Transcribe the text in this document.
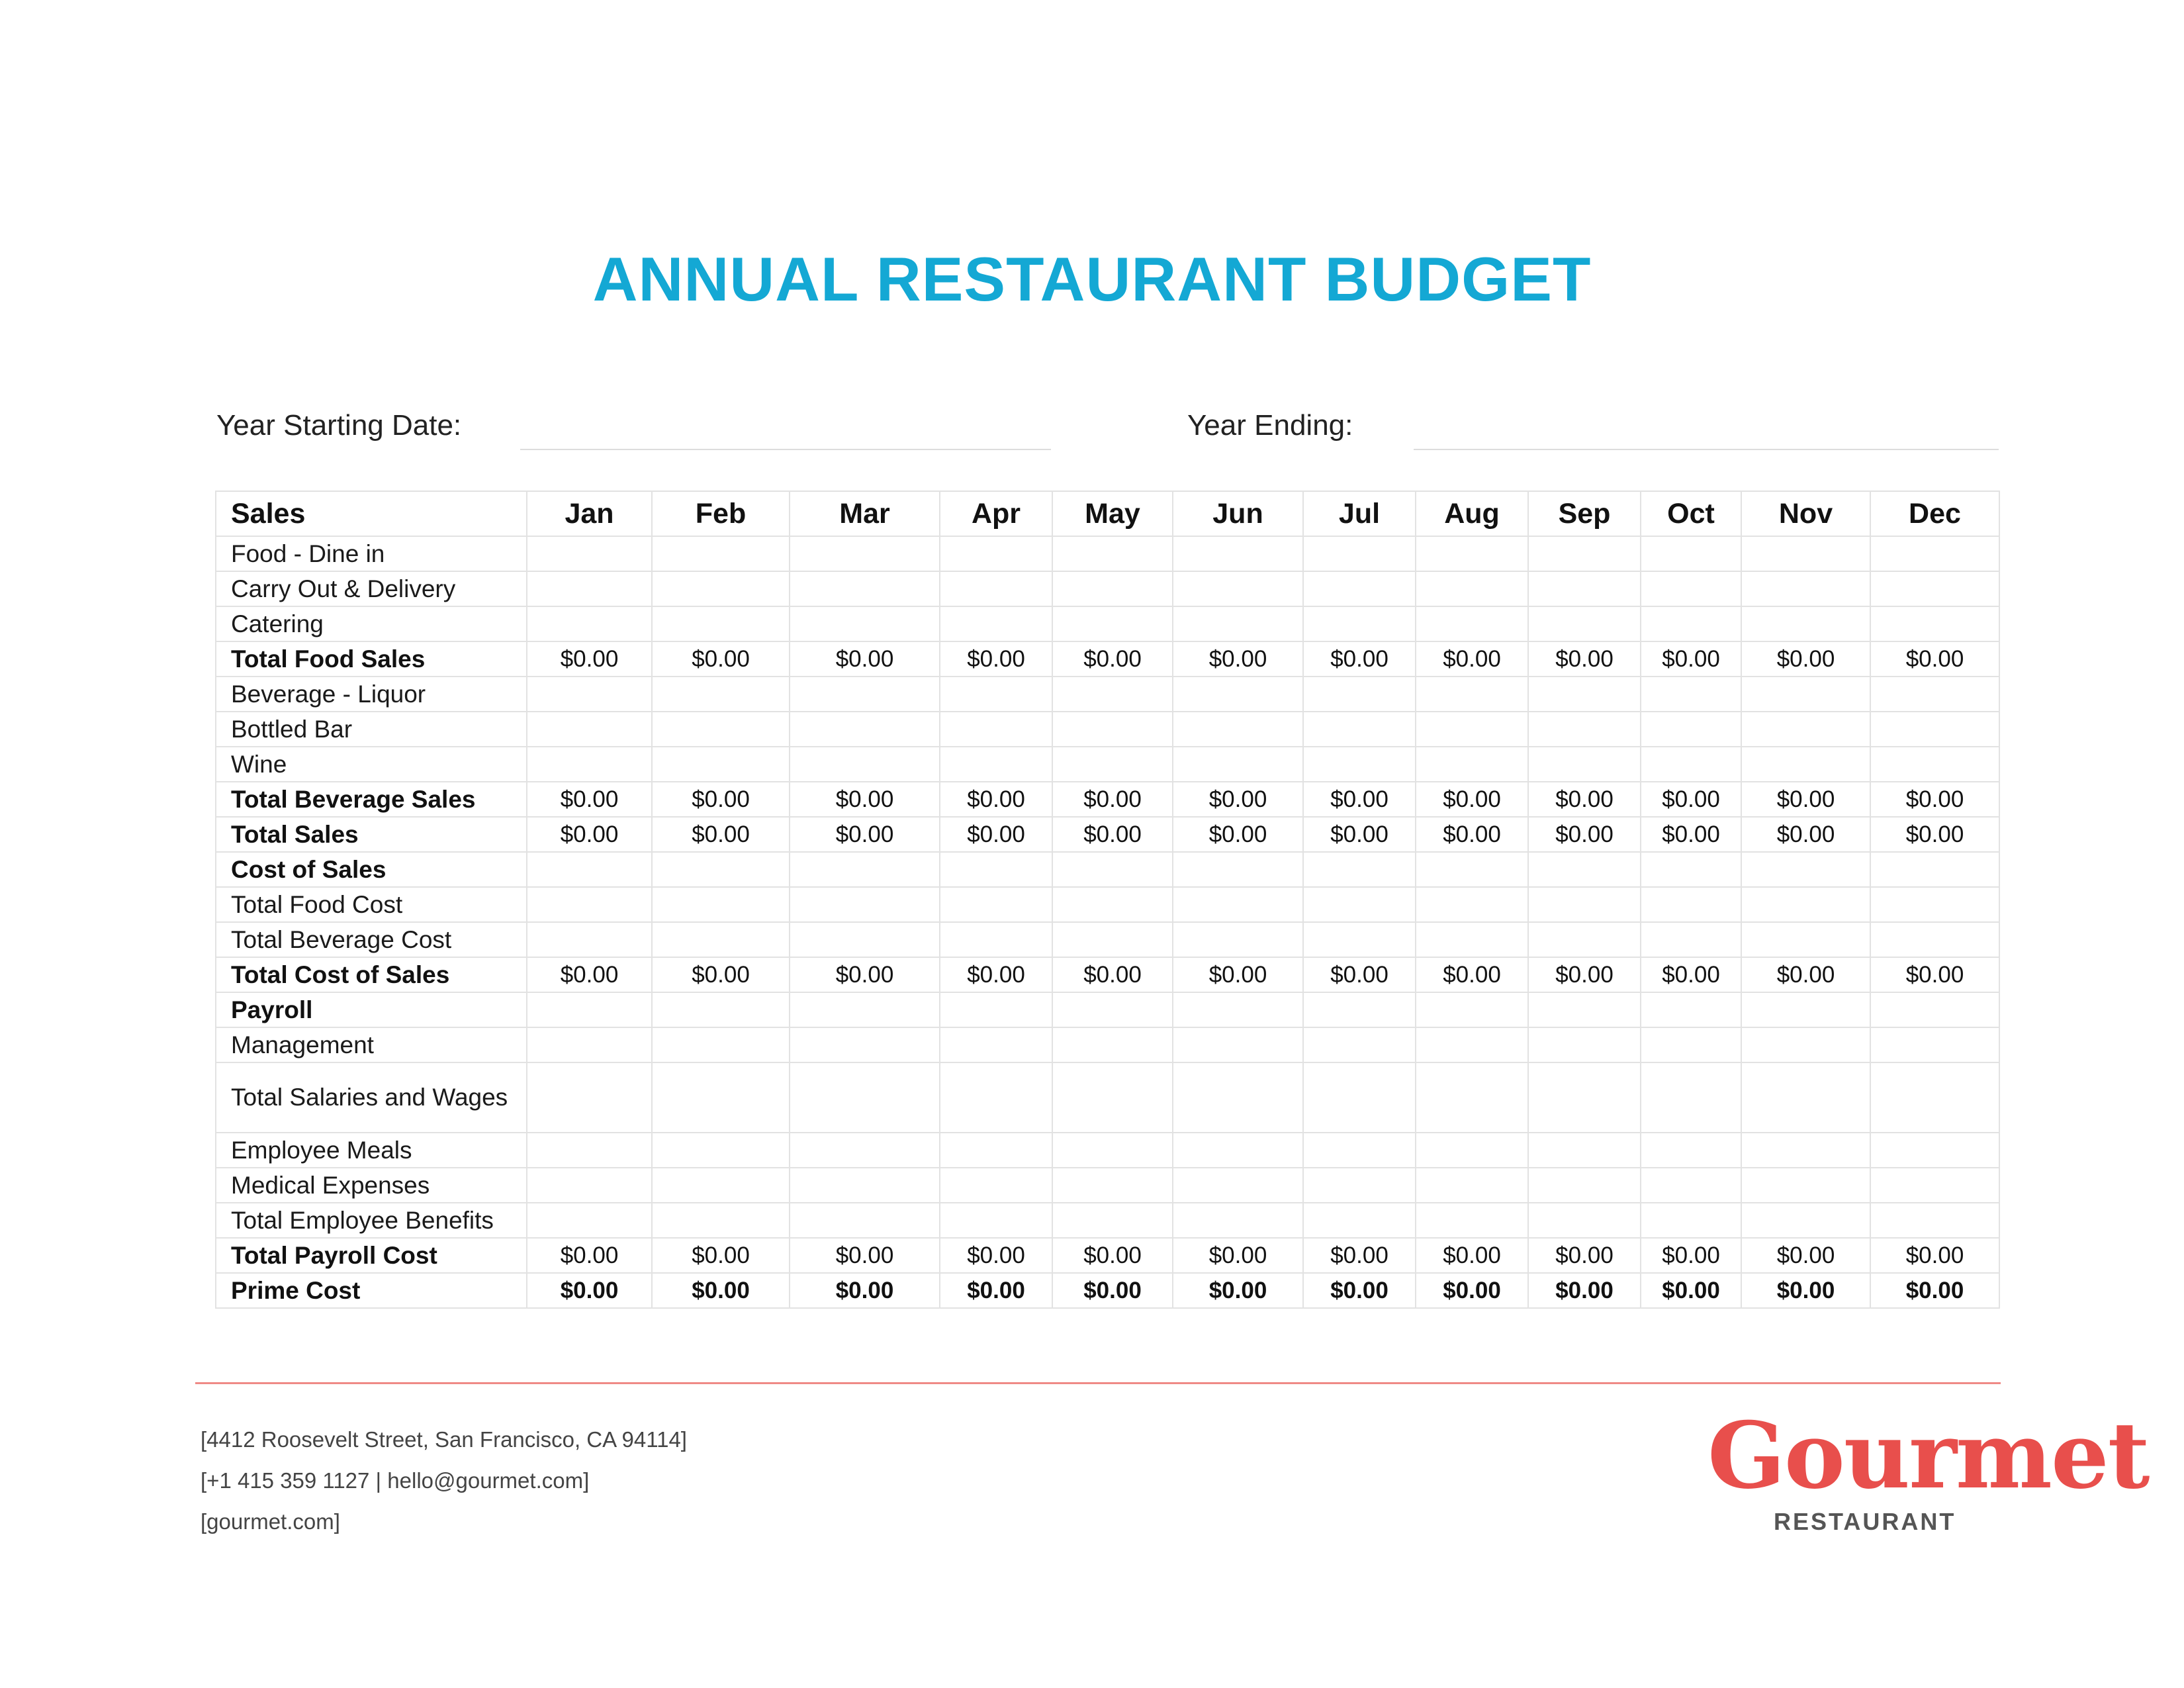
ANNUAL RESTAURANT BUDGET
Year Starting Date:	Year Ending:
Sales	Jan	Feb	Mar	Apr	May	Jun	Jul	Aug	Sep	Oct	Nov	Dec
Food - Dine in												
Carry Out & Delivery												
Catering												
Total Food Sales	$0.00	$0.00	$0.00	$0.00	$0.00	$0.00	$0.00	$0.00	$0.00	$0.00	$0.00	$0.00
Beverage - Liquor												
Bottled Bar												
Wine												
Total Beverage Sales	$0.00	$0.00	$0.00	$0.00	$0.00	$0.00	$0.00	$0.00	$0.00	$0.00	$0.00	$0.00
Total Sales	$0.00	$0.00	$0.00	$0.00	$0.00	$0.00	$0.00	$0.00	$0.00	$0.00	$0.00	$0.00
Cost of Sales												
Total Food Cost												
Total Beverage Cost												
Total Cost of Sales	$0.00	$0.00	$0.00	$0.00	$0.00	$0.00	$0.00	$0.00	$0.00	$0.00	$0.00	$0.00
Payroll												
Management												
Total Salaries and Wages												
Employee Meals												
Medical Expenses												
Total Employee Benefits												
Total Payroll Cost	$0.00	$0.00	$0.00	$0.00	$0.00	$0.00	$0.00	$0.00	$0.00	$0.00	$0.00	$0.00
Prime Cost	$0.00	$0.00	$0.00	$0.00	$0.00	$0.00	$0.00	$0.00	$0.00	$0.00	$0.00	$0.00
[4412 Roosevelt Street, San Francisco, CA 94114]
[+1 415 359 1127 | hello@gourmet.com]
[gourmet.com]
Gourmet
RESTAURANT
